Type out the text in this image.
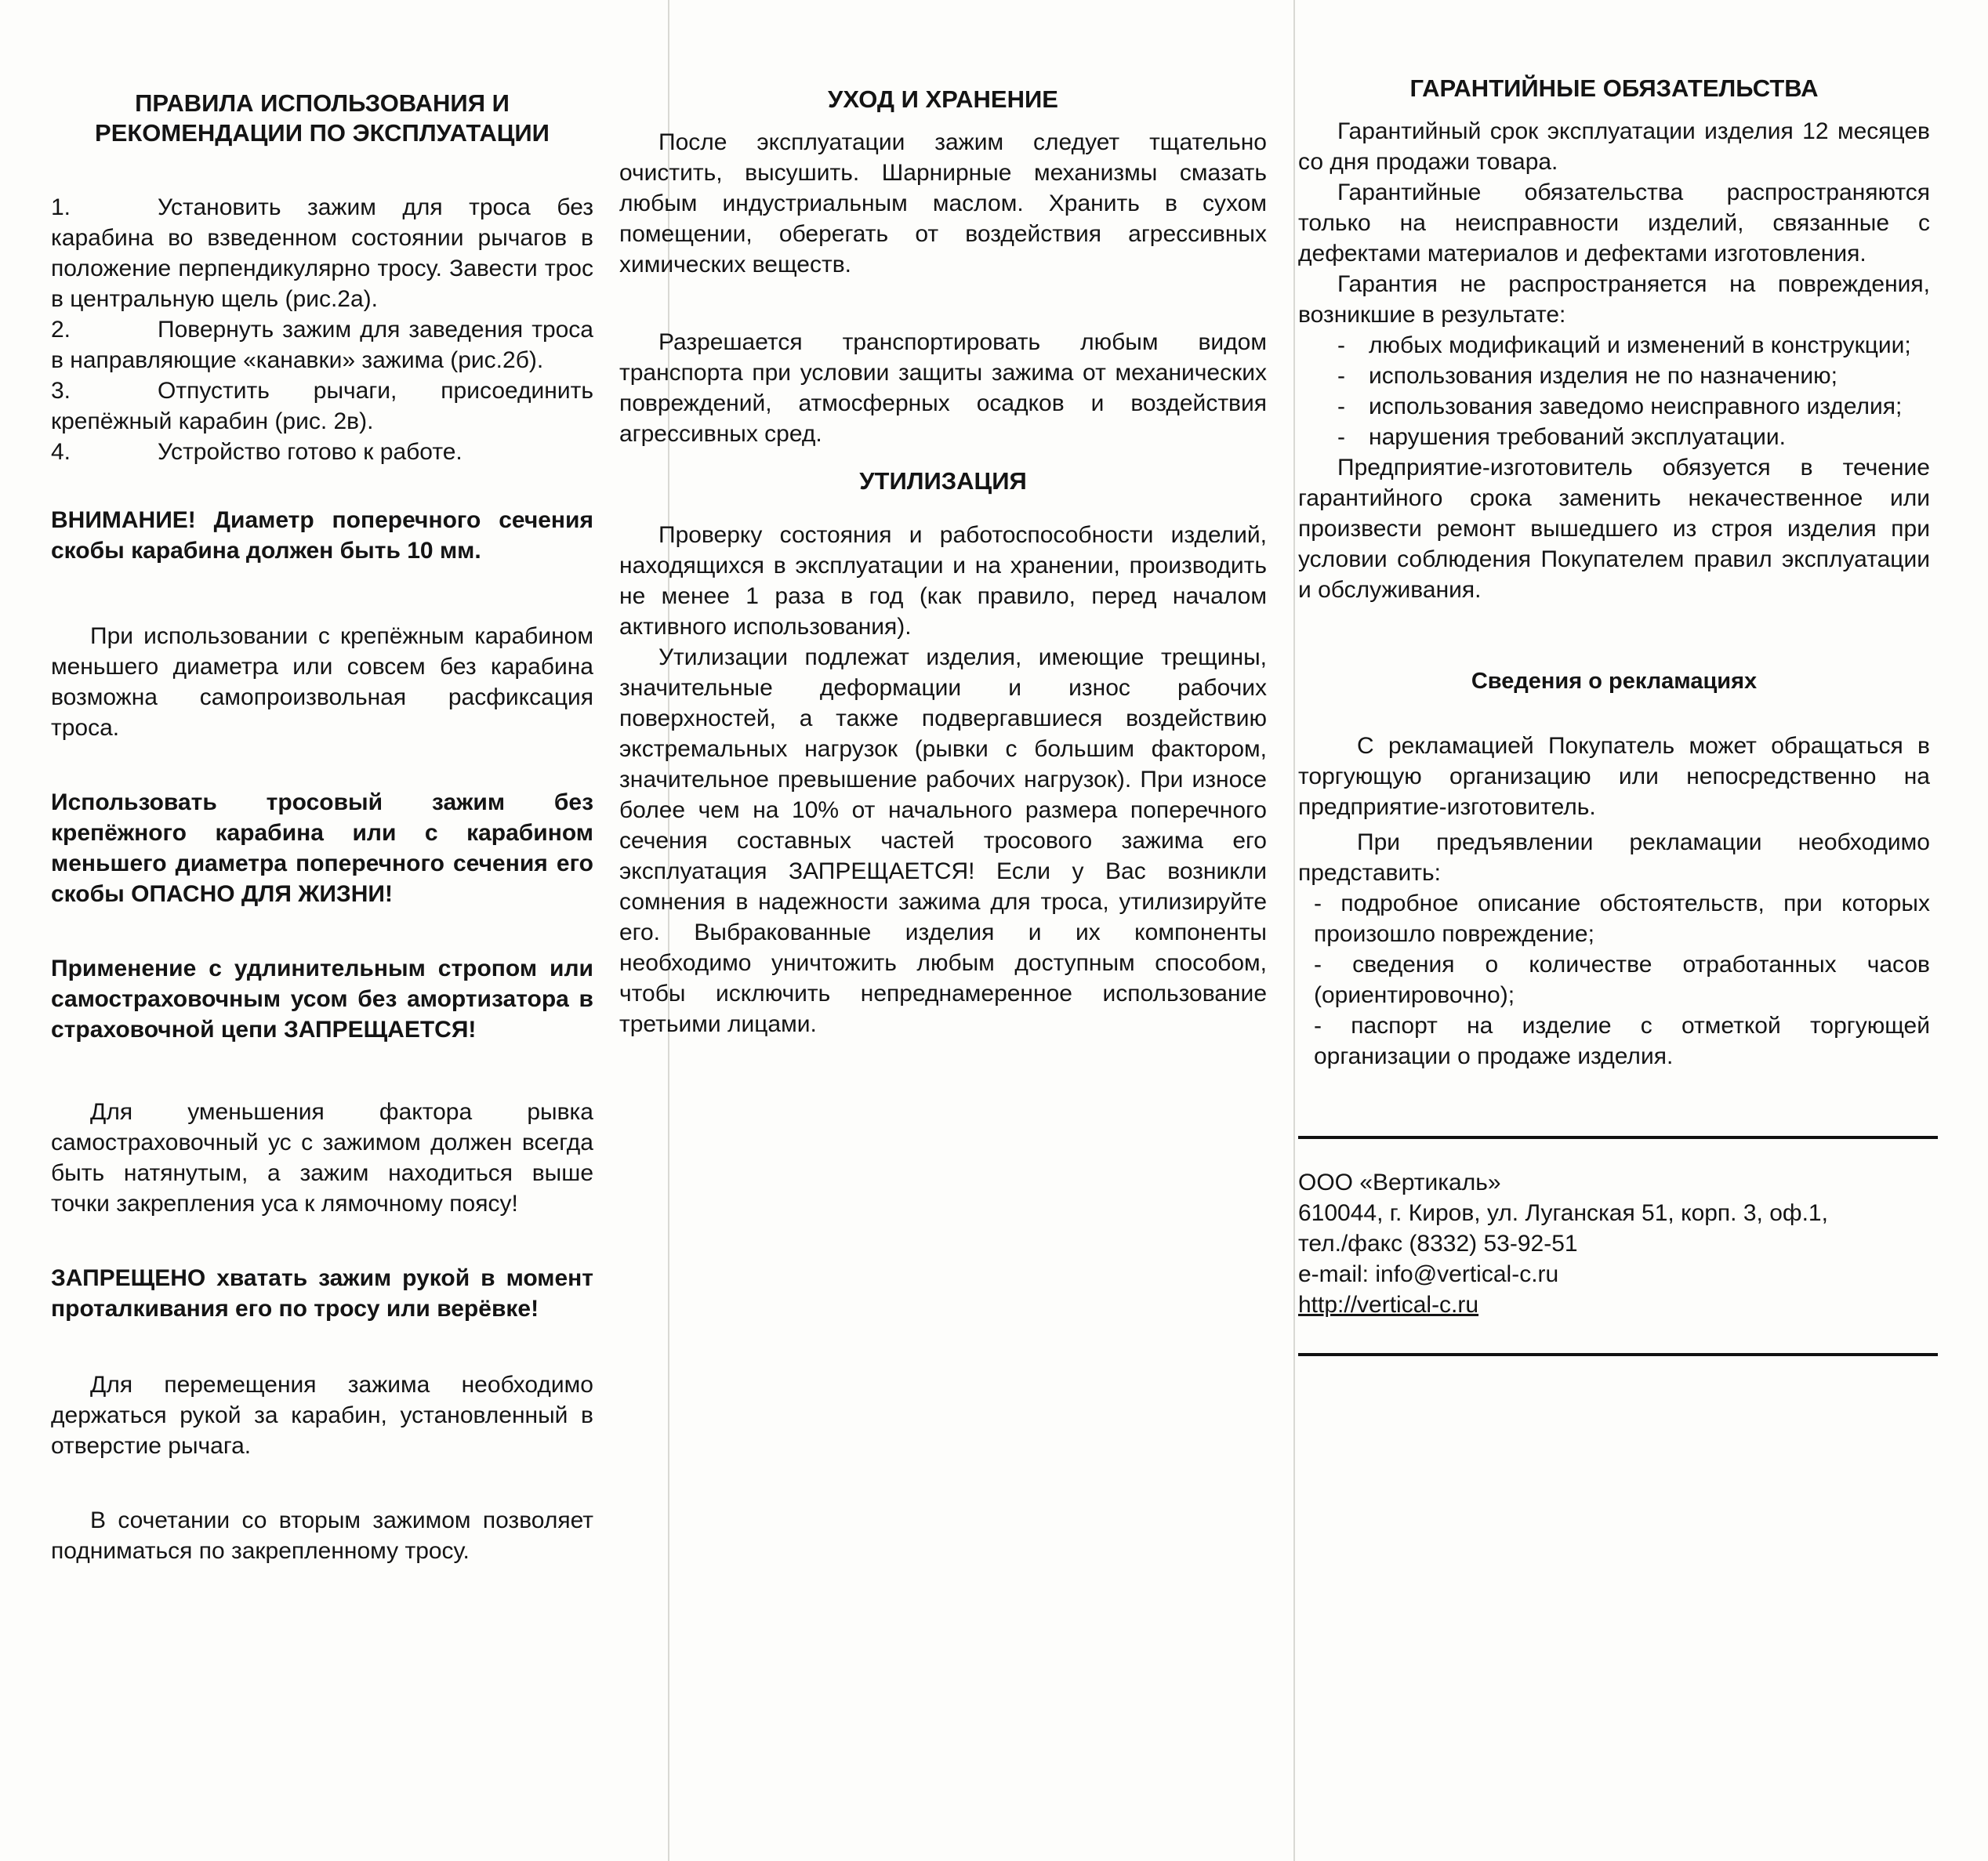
ПРАВИЛА ИСПОЛЬЗОВАНИЯ И РЕКОМЕНДАЦИИ ПО ЭКСПЛУАТАЦИИ
1.	Установить зажим для троса без карабина во взведенном состоянии рычагов в положение перпендикулярно тросу. Завести трос в центральную щель (рис.2а).
2.	Повернуть зажим для заведения троса в направляющие «канавки» зажима (рис.2б).
3.	Отпустить рычаги, присоединить крепёжный карабин (рис. 2в).
4.	Устройство готово к работе.

ВНИМАНИЕ! Диаметр поперечного сечения скобы карабина должен быть 10 мм.

При использовании с крепёжным карабином меньшего диаметра или совсем без карабина возможна самопроизвольная расфиксация троса.

Использовать тросовый зажим без крепёжного карабина или с карабином меньшего диаметра поперечного сечения его скобы ОПАСНО ДЛЯ ЖИЗНИ!

Применение с удлинительным стропом или самостраховочным усом без амортизатора в страховочной цепи ЗАПРЕЩАЕТСЯ!

Для уменьшения фактора рывка самостраховочный ус с зажимом должен всегда быть натянутым, а зажим находиться выше точки закрепления уса к лямочному поясу!

ЗАПРЕЩЕНО хватать зажим рукой в момент проталкивания его по тросу или верёвке!

Для перемещения зажима необходимо держаться рукой за карабин, установленный в отверстие рычага.

В сочетании со вторым зажимом позволяет подниматься по закрепленному тросу.

УХОД И ХРАНЕНИЕ

После эксплуатации зажим следует тщательно очистить, высушить. Шарнирные механизмы смазать любым индустриальным маслом. Хранить в сухом помещении, оберегать от воздействия агрессивных химических веществ.

Разрешается транспортировать любым видом транспорта при условии защиты зажима от механических повреждений, атмосферных осадков и воздействия агрессивных сред.

УТИЛИЗАЦИЯ

Проверку состояния и работоспособности изделий, находящихся в эксплуатации и на хранении, производить не менее 1 раза в год (как правило, перед началом активного использования).

Утилизации подлежат изделия, имеющие трещины, значительные деформации и износ рабочих поверхностей, а также подвергавшиеся воздействию экстремальных нагрузок (рывки с большим фактором, значительное превышение рабочих нагрузок). При износе более чем на 10% от начального размера поперечного сечения составных частей тросового зажима его эксплуатация ЗАПРЕЩАЕТСЯ! Если у Вас возникли сомнения в надежности зажима для троса, утилизируйте его. Выбракованные изделия и их компоненты необходимо уничтожить любым доступным способом, чтобы исключить непреднамеренное использование третьими лицами.

ГАРАНТИЙНЫЕ ОБЯЗАТЕЛЬСТВА

Гарантийный срок эксплуатации изделия 12 месяцев со дня продажи товара.

Гарантийные обязательства распространяются только на неисправности изделий, связанные с дефектами материалов и дефектами изготовления.

Гарантия не распространяется на повреждения, возникшие в результате:

-	любых модификаций и изменений в конструкции;
-	использования изделия не по назначению;
-	использования заведомо неисправного изделия;
-	нарушения требований эксплуатации.

Предприятие-изготовитель обязуется в течение гарантийного срока заменить некачественное или произвести ремонт вышедшего из строя изделия при условии соблюдения Покупателем правил эксплуатации и обслуживания.

Сведения о рекламациях

С рекламацией Покупатель может обращаться в торгующую организацию или непосредственно на предприятие-изготовитель.

При предъявлении рекламации необходимо представить:

- подробное описание обстоятельств, при которых произошло повреждение;

- сведения о количестве отработанных часов (ориентировочно);

- паспорт на изделие с отметкой торгующей организации о продаже изделия.

ООО «Вертикаль»

610044, г. Киров, ул. Луганская 51, корп. 3, оф.1,

тел./факс (8332) 53-92-51

e-mail: info@vertical-c.ru

http://vertical-c.ru
